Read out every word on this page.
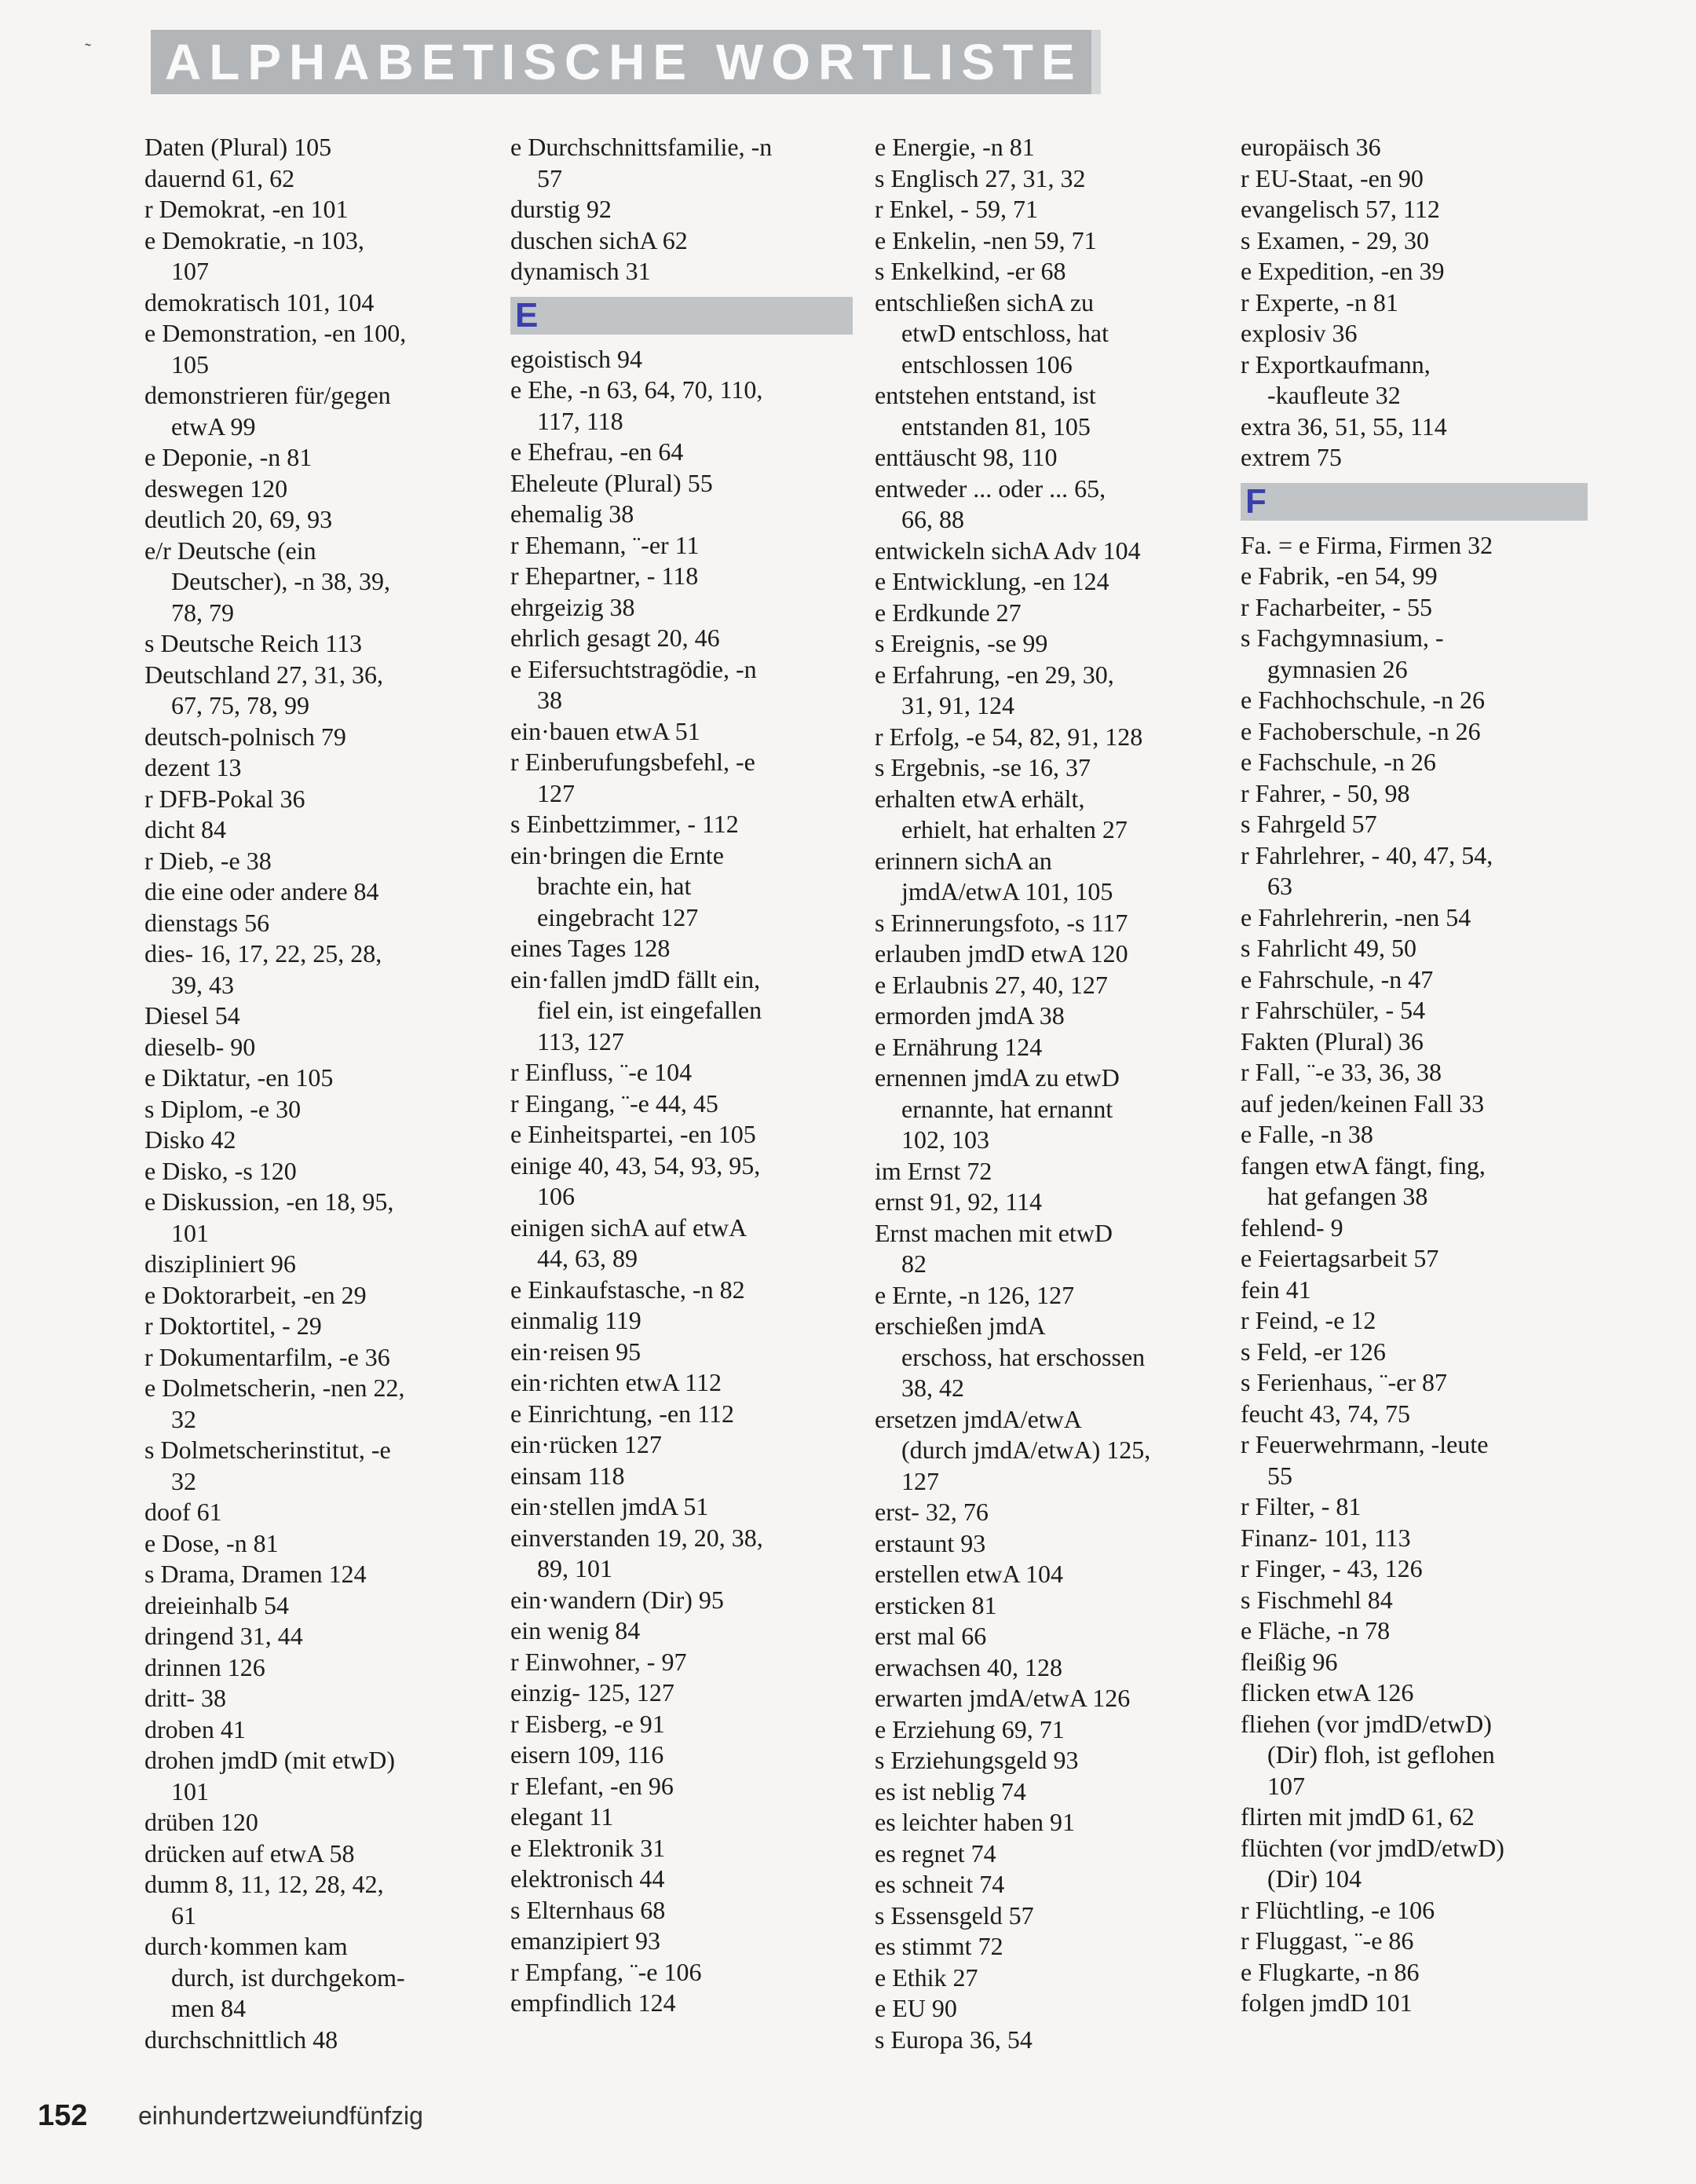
˜	ALPHABETISCHE WORTLISTE
Daten (Plural) 105
dauernd 61, 62
r Demokrat, -en 101
e Demokratie, -n 103,
107
demokratisch 101, 104
e Demonstration, -en 100,
105
demonstrieren für/gegen
etwA 99
e Deponie, -n 81
deswegen 120
deutlich 20, 69, 93
e/r Deutsche (ein
Deutscher), -n 38, 39,
78, 79
s Deutsche Reich 113
Deutschland 27, 31, 36,
67, 75, 78, 99
deutsch-polnisch 79
dezent 13
r DFB-Pokal 36
dicht 84
r Dieb, -e 38
die eine oder andere 84
dienstags 56
dies- 16, 17, 22, 25, 28,
39, 43
Diesel 54
dieselb- 90
e Diktatur, -en 105
s Diplom, -e 30
Disko 42
e Disko, -s 120
e Diskussion, -en 18, 95,
101
diszipliniert 96
e Doktorarbeit, -en 29
r Doktortitel, - 29
r Dokumentarfilm, -e 36
e Dolmetscherin, -nen 22,
32
s Dolmetscherinstitut, -e
32
doof 61
e Dose, -n 81
s Drama, Dramen 124
dreieinhalb 54
dringend 31, 44
drinnen 126
dritt- 38
droben 41
drohen jmdD (mit etwD)
101
drüben 120
drücken auf etwA 58
dumm 8, 11, 12, 28, 42,
61
durch·kommen kam
durch, ist durchgekom-
men 84
durchschnittlich 48
e Durchschnittsfamilie, -n
57
durstig 92
duschen sichA 62
dynamisch 31
E
egoistisch 94
e Ehe, -n 63, 64, 70, 110,
117, 118
e Ehefrau, -en 64
Eheleute (Plural) 55
ehemalig 38
r Ehemann, ¨-er 11
r Ehepartner, - 118
ehrgeizig 38
ehrlich gesagt 20, 46
e Eifersuchtstragödie, -n
38
ein·bauen etwA 51
r Einberufungsbefehl, -e
127
s Einbettzimmer, - 112
ein·bringen die Ernte
brachte ein, hat
eingebracht 127
eines Tages 128
ein·fallen jmdD fällt ein,
fiel ein, ist eingefallen
113, 127
r Einfluss, ¨-e 104
r Eingang, ¨-e 44, 45
e Einheitspartei, -en 105
einige 40, 43, 54, 93, 95,
106
einigen sichA auf etwA
44, 63, 89
e Einkaufstasche, -n 82
einmalig 119
ein·reisen 95
ein·richten etwA 112
e Einrichtung, -en 112
ein·rücken 127
einsam 118
ein·stellen jmdA 51
einverstanden 19, 20, 38,
89, 101
ein·wandern (Dir) 95
ein wenig 84
r Einwohner, - 97
einzig- 125, 127
r Eisberg, -e 91
eisern 109, 116
r Elefant, -en 96
elegant 11
e Elektronik 31
elektronisch 44
s Elternhaus 68
emanzipiert 93
r Empfang, ¨-e 106
empfindlich 124
e Energie, -n 81
s Englisch 27, 31, 32
r Enkel, - 59, 71
e Enkelin, -nen 59, 71
s Enkelkind, -er 68
entschließen sichA zu
etwD entschloss, hat
entschlossen 106
entstehen entstand, ist
entstanden 81, 105
enttäuscht 98, 110
entweder ... oder ... 65,
66, 88
entwickeln sichA Adv 104
e Entwicklung, -en 124
e Erdkunde 27
s Ereignis, -se 99
e Erfahrung, -en 29, 30,
31, 91, 124
r Erfolg, -e 54, 82, 91, 128
s Ergebnis, -se 16, 37
erhalten etwA erhält,
erhielt, hat erhalten 27
erinnern sichA an
jmdA/etwA 101, 105
s Erinnerungsfoto, -s 117
erlauben jmdD etwA 120
e Erlaubnis 27, 40, 127
ermorden jmdA 38
e Ernährung 124
ernennen jmdA zu etwD
ernannte, hat ernannt
102, 103
im Ernst 72
ernst 91, 92, 114
Ernst machen mit etwD
82
e Ernte, -n 126, 127
erschießen jmdA
erschoss, hat erschossen
38, 42
ersetzen jmdA/etwA
(durch jmdA/etwA) 125,
127
erst- 32, 76
erstaunt 93
erstellen etwA 104
ersticken 81
erst mal 66
erwachsen 40, 128
erwarten jmdA/etwA 126
e Erziehung 69, 71
s Erziehungsgeld 93
es ist neblig 74
es leichter haben 91
es regnet 74
es schneit 74
s Essensgeld 57
es stimmt 72
e Ethik 27
e EU 90
s Europa 36, 54
europäisch 36
r EU-Staat, -en 90
evangelisch 57, 112
s Examen, - 29, 30
e Expedition, -en 39
r Experte, -n 81
explosiv 36
r Exportkaufmann,
-kaufleute 32
extra 36, 51, 55, 114
extrem 75
F
Fa. = e Firma, Firmen 32
e Fabrik, -en 54, 99
r Facharbeiter, - 55
s Fachgymnasium, -
gymnasien 26
e Fachhochschule, -n 26
e Fachoberschule, -n 26
e Fachschule, -n 26
r Fahrer, - 50, 98
s Fahrgeld 57
r Fahrlehrer, - 40, 47, 54,
63
e Fahrlehrerin, -nen 54
s Fahrlicht 49, 50
e Fahrschule, -n 47
r Fahrschüler, - 54
Fakten (Plural) 36
r Fall, ¨-e 33, 36, 38
auf jeden/keinen Fall 33
e Falle, -n 38
fangen etwA fängt, fing,
hat gefangen 38
fehlend- 9
e Feiertagsarbeit 57
fein 41
r Feind, -e 12
s Feld, -er 126
s Ferienhaus, ¨-er 87
feucht 43, 74, 75
r Feuerwehrmann, -leute
55
r Filter, - 81
Finanz- 101, 113
r Finger, - 43, 126
s Fischmehl 84
e Fläche, -n 78
fleißig 96
flicken etwA 126
fliehen (vor jmdD/etwD)
(Dir) floh, ist geflohen
107
flirten mit jmdD 61, 62
flüchten (vor jmdD/etwD)
(Dir) 104
r Flüchtling, -e 106
r Fluggast, ¨-e 86
e Flugkarte, -n 86
folgen jmdD 101
152 einhundertzweiundfünfzig
